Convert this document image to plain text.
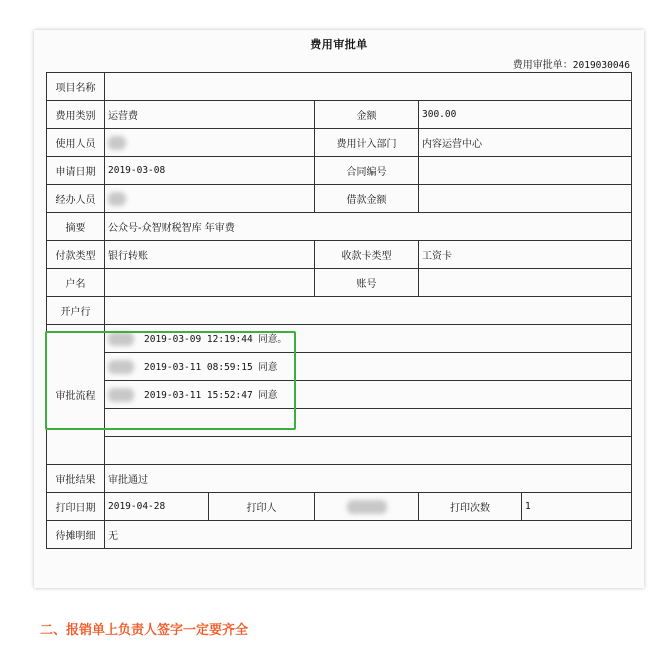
费用审批单
费用审批单：2019030046
项目名称					
费用类别	运营费		金额	300.00	
使用人员			费用计入部门	内容运营中心	
申请日期	2019-03-08		合同编号		
经办人员			借款金额		
摘要	公众号-众智财税智库 年审费				
付款类型	银行转账		收款卡类型	工资卡	
户名			账号		
开户行					
审批流程	2019-03-09 12:19:44 同意。				
	2019-03-11 08:59:15 同意				
	2019-03-11 15:52:47 同意				

审批结果	审批通过				
打印日期	2019-04-28	打印人		打印次数	1
待摊明细	无				
二、报销单上负责人签字一定要齐全
